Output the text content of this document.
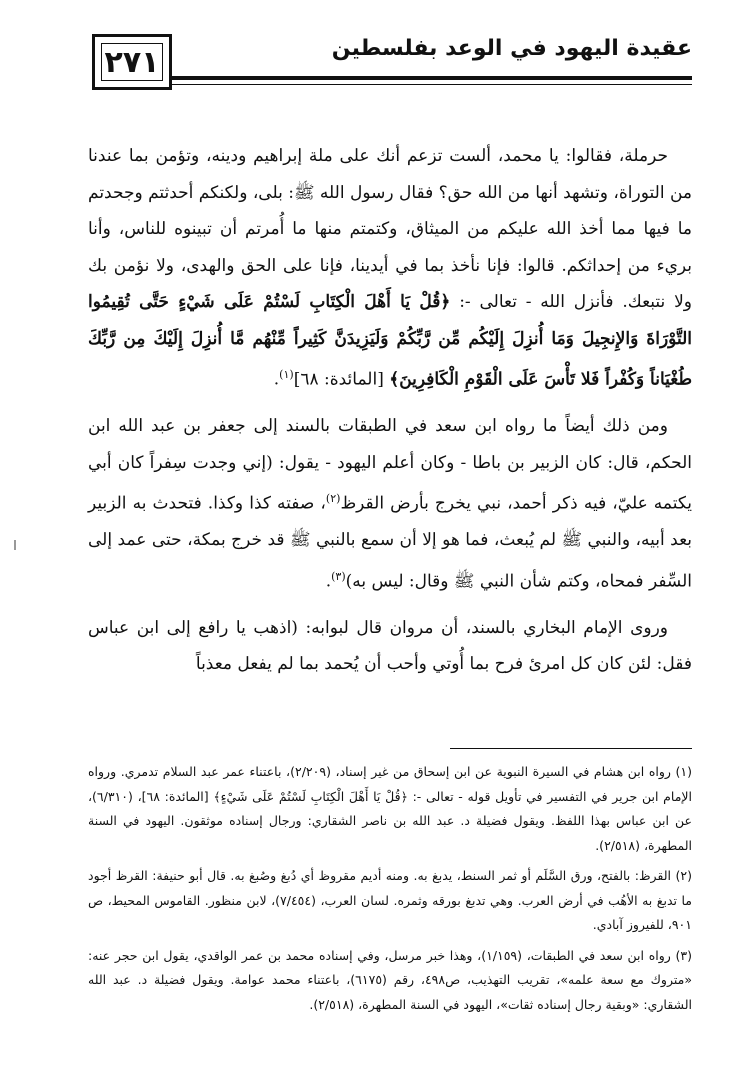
٢٧١	عقيدة اليهود في الوعد بفلسطين

حرملة، فقالوا: يا محمد، ألست تزعم أنك على ملة إبراهيم ودينه، وتؤمن بما عندنا من التوراة، وتشهد أنها من الله حق؟ فقال رسول الله ﷺ: بلى، ولكنكم أحدثتم وجحدتم ما فيها مما أخذ الله عليكم من الميثاق، وكتمتم منها ما أُمرتم أن تبينوه للناس، وأنا بريء من إحداثكم. قالوا: فإنا نأخذ بما في أيدينا، فإنا على الحق والهدى، ولا نؤمن بك ولا نتبعك. فأنزل الله - تعالى -: ﴿قُلْ يَا أَهْلَ الْكِتَابِ لَسْتُمْ عَلَى شَيْءٍ حَتَّى تُقِيمُوا التَّوْرَاةَ وَالإِنجِيلَ وَمَا أُنزِلَ إِلَيْكُم مِّن رَّبِّكُمْ وَلَيَزِيدَنَّ كَثِيراً مِّنْهُم مَّا أُنزِلَ إِلَيْكَ مِن رَّبِّكَ طُغْيَاناً وَكُفْراً فَلا تَأْسَ عَلَى الْقَوْمِ الْكَافِرِينَ﴾ [المائدة: ٦٨]$^{(١)}$.

ومن ذلك أيضاً ما رواه ابن سعد في الطبقات بالسند إلى جعفر بن عبد الله ابن الحكم، قال: كان الزبير بن باطا - وكان أعلم اليهود - يقول: (إني وجدت سِفراً كان أبي يكتمه عليّ، فيه ذكر أحمد، نبي يخرج بأرض القرظ$^{(٢)}$، صفته كذا وكذا. فتحدث به الزبير بعد أبيه، والنبي ﷺ لم يُبعث، فما هو إلا أن سمع بالنبي ﷺ قد خرج بمكة، حتى عمد إلى السِّفر فمحاه، وكتم شأن النبي ﷺ وقال: ليس به)$^{(٣)}$.

وروى الإمام البخاري بالسند، أن مروان قال لبوابه: (اذهب يا رافع إلى ابن عباس فقل: لئن كان كل امرئ فرح بما أُوتي وأحب أن يُحمد بما لم يفعل معذباً

(١) رواه ابن هشام في السيرة النبوية عن ابن إسحاق من غير إسناد، (٢/٢٠٩)، باعتناء عمر عبد السلام تدمري. ورواه الإمام ابن جرير في التفسير في تأويل قوله - تعالى -: ﴿قُلْ يَا أَهْلَ الْكِتَابِ لَسْتُمْ عَلَى شَيْءٍ﴾ [المائدة: ٦٨]، (٦/٣١٠)، عن ابن عباس بهذا اللفظ. ويقول فضيلة د. عبد الله بن ناصر الشقاري: ورجال إسناده موثقون. اليهود في السنة المطهرة، (٢/٥١٨).

(٢) القرظ: بالفتح، ورق السَّلَم أو ثمر السنط، يدبغ به. ومنه أديم مقروظ أي دُبغ وصُبغ به. قال أبو حنيفة: القرظ أجود ما تدبغ به الأهُب في أرض العرب. وهي تدبغ بورقه وثمره. لسان العرب، (٧/٤٥٤)، لابن منظور. القاموس المحيط، ص ٩٠١، للفيروز آبادي.

(٣) رواه ابن سعد في الطبقات، (١/١٥٩)، وهذا خبر مرسل، وفي إسناده محمد بن عمر الواقدي، يقول ابن حجر عنه: «متروك مع سعة علمه»، تقريب التهذيب، ص٤٩٨، رقم (٦١٧٥)، باعتناء محمد عوامة. ويقول فضيلة د. عبد الله الشقاري: «وبقية رجال إسناده ثقات»، اليهود في السنة المطهرة، (٢/٥١٨).
